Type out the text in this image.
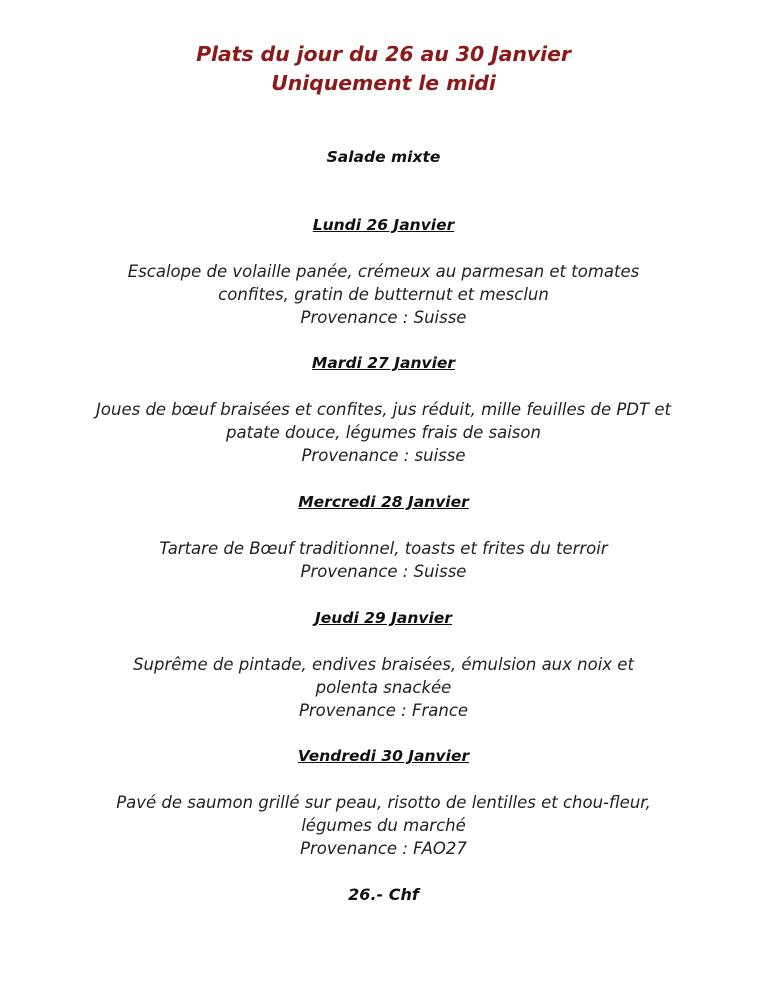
Plats du jour du 26 au 30 Janvier
Uniquement le midi
Salade mixte
Lundi 26 Janvier
Escalope de volaille panée, crémeux au parmesan et tomates
confites, gratin de butternut et mesclun
Provenance : Suisse
Mardi 27 Janvier
Joues de bœuf braisées et confites, jus réduit, mille feuilles de PDT et
patate douce, légumes frais de saison
Provenance : suisse
Mercredi 28 Janvier
Tartare de Bœuf traditionnel, toasts et frites du terroir
Provenance : Suisse
Jeudi 29 Janvier
Suprême de pintade, endives braisées, émulsion aux noix et
polenta snackée
Provenance : France
Vendredi 30 Janvier
Pavé de saumon grillé sur peau, risotto de lentilles et chou-fleur,
légumes du marché
Provenance : FAO27
26.- Chf
